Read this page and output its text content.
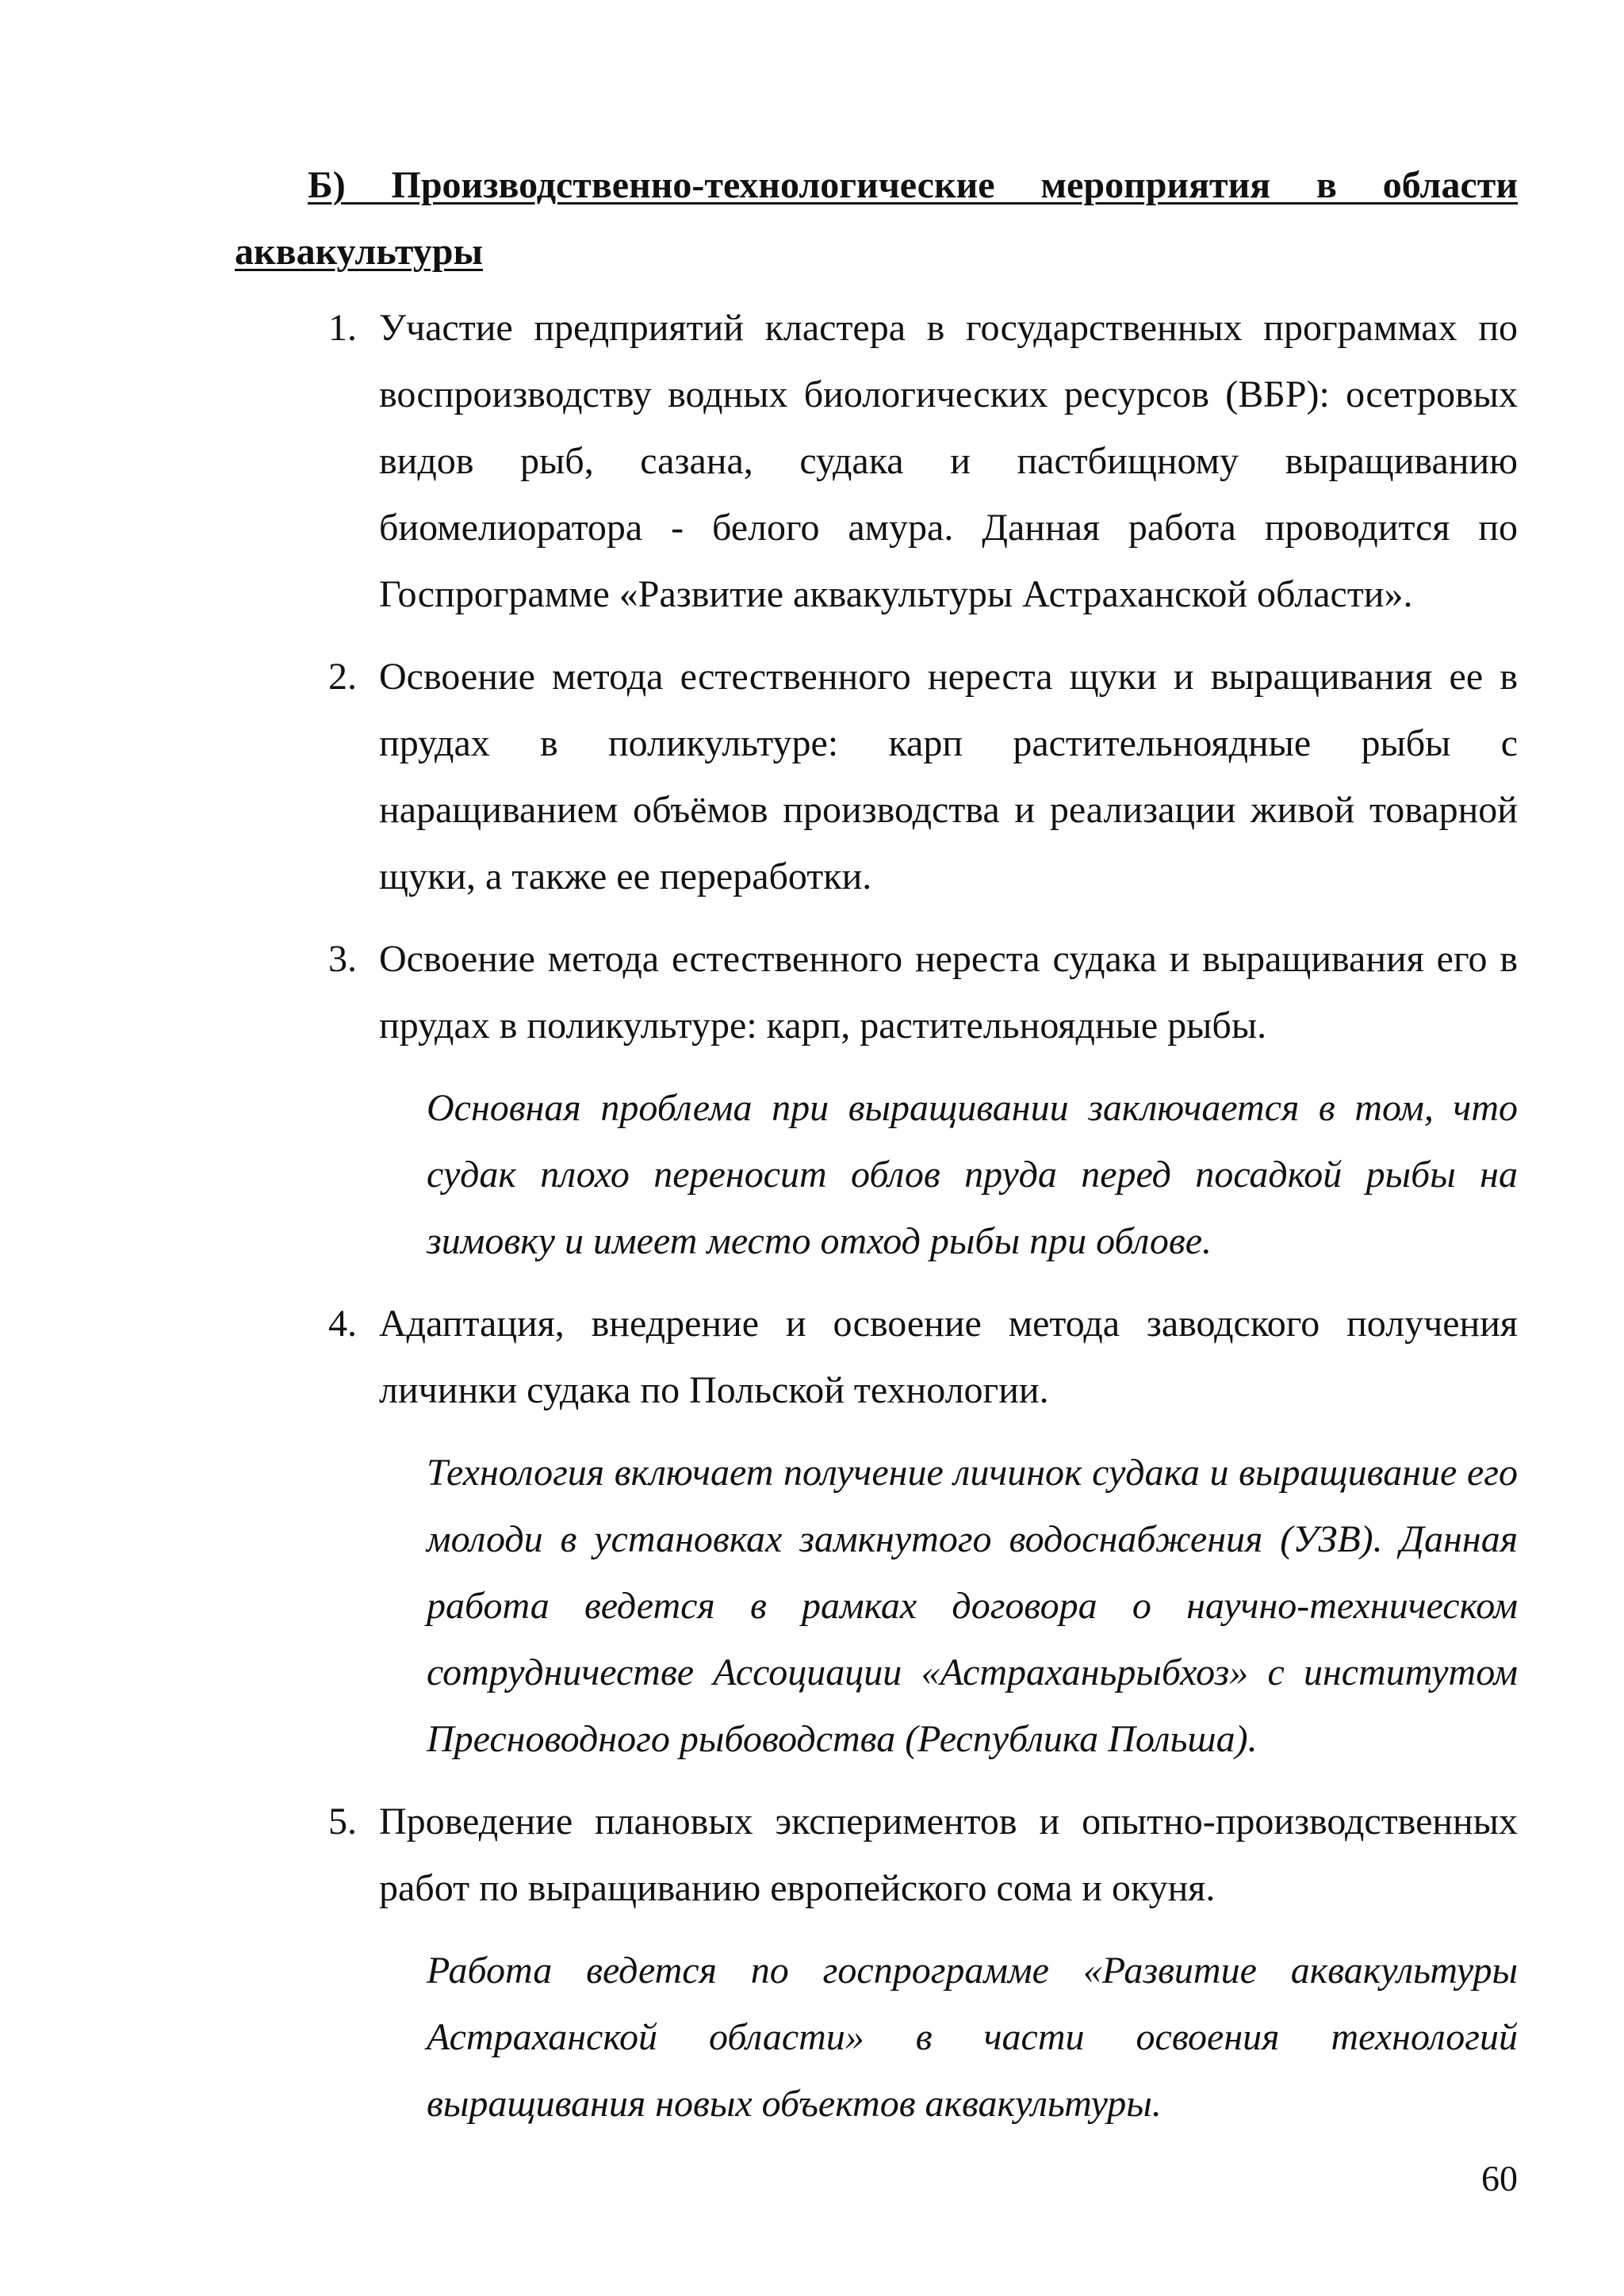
Б) Производственно-технологические мероприятия в области аквакультуры

1. Участие предприятий кластера в государственных программах по воспроизводству водных биологических ресурсов (ВБР): осетровых видов рыб, сазана, судака и пастбищному выращиванию биомелиоратора - белого амура. Данная работа проводится по Госпрограмме «Развитие аквакультуры Астраханской области».
2. Освоение метода естественного нереста щуки и выращивания ее в прудах в поликультуре: карп растительноядные рыбы с наращиванием объёмов производства и реализации живой товарной щуки, а также ее переработки.
3. Освоение метода естественного нереста судака и выращивания его в прудах в поликультуре: карп, растительноядные рыбы.

Основная проблема при выращивании заключается в том, что судак плохо переносит облов пруда перед посадкой рыбы на зимовку и имеет место отход рыбы при облове.

4. Адаптация, внедрение и освоение метода заводского получения личинки судака по Польской технологии.

Технология включает получение личинок судака и выращивание его молоди в установках замкнутого водоснабжения (УЗВ). Данная работа ведется в рамках договора о научно-техническом сотрудничестве Ассоциации «Астраханьрыбхоз» с институтом Пресноводного рыбоводства (Республика Польша).

5. Проведение плановых экспериментов и опытно-производственных работ по выращиванию европейского сома и окуня.

Работа ведется по госпрограмме «Развитие аквакультуры Астраханской области» в части освоения технологий выращивания новых объектов аквакультуры.

60
